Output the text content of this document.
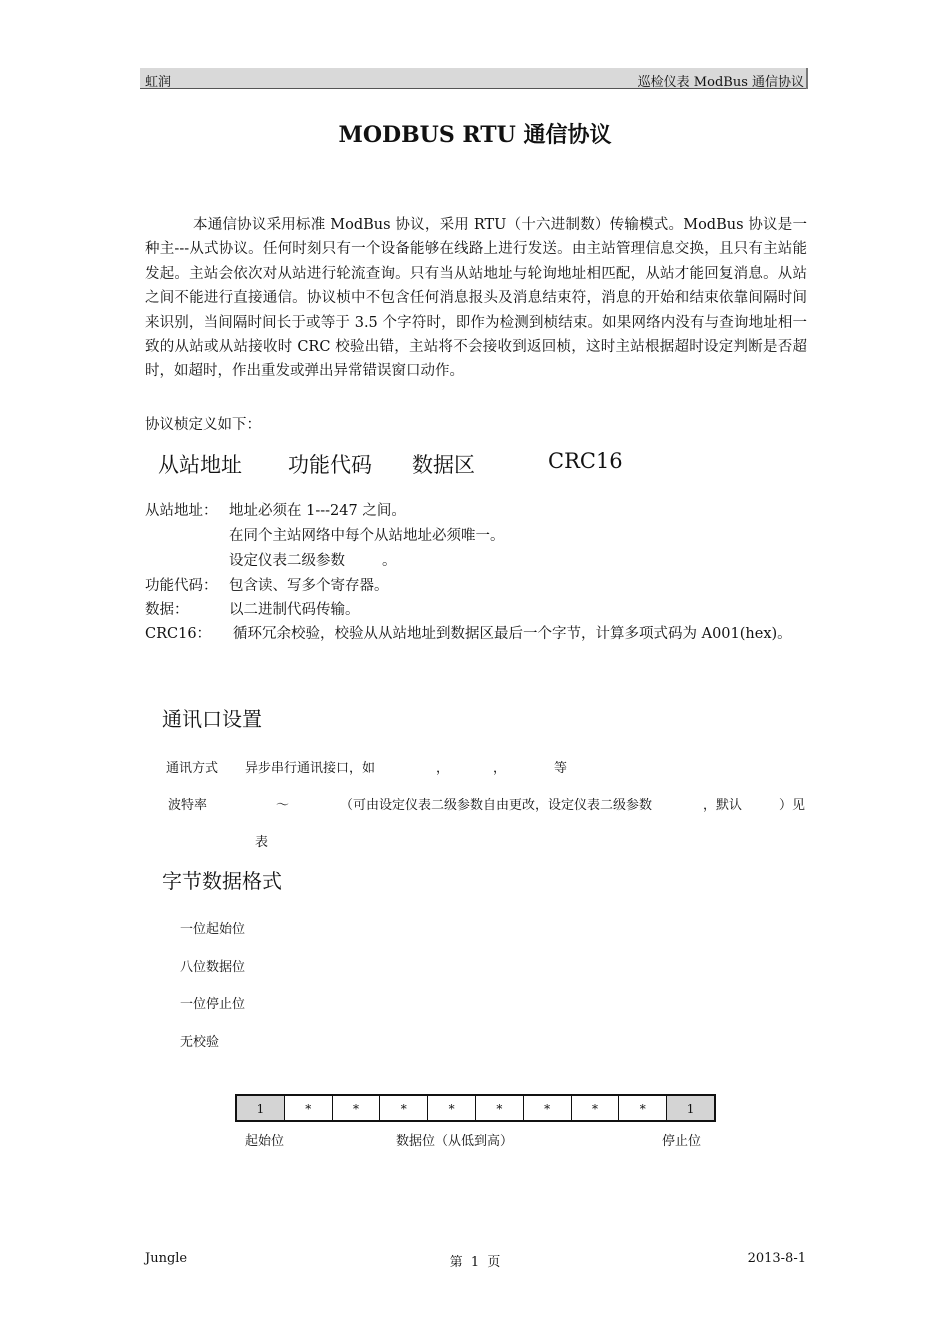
虹润	巡检仪表 ModBus 通信协议
MODBUS RTU 通信协议
本通信协议采用标准 ModBus 协议，采用 RTU（十六进制数）传输模式。ModBus 协议是一种主---从式协议。任何时刻只有一个设备能够在线路上进行发送。由主站管理信息交换，且只有主站能发起。主站会依次对从站进行轮流查询。只有当从站地址与轮询地址相匹配，从站才能回复消息。从站之间不能进行直接通信。协议桢中不包含任何消息报头及消息结束符，消息的开始和结束依靠间隔时间来识别，当间隔时间长于或等于 3.5 个字符时，即作为检测到桢结束。如果网络内没有与查询地址相一致的从站或从站接收时 CRC 校验出错，主站将不会接收到返回桢，这时主站根据超时设定判断是否超时，如超时，作出重发或弹出异常错误窗口动作。
协议桢定义如下：
从站地址 功能代码 数据区	CRC16
从站地址： 地址必须在 1---247 之间。
在同个主站网络中每个从站地址必须唯一。
设定仪表二级参数	。
功能代码： 包含读、写多个寄存器。
数据：	以二进制代码传输。
CRC16： 循环冗余校验，校验从从站地址到数据区最后一个字节，计算多项式码为 A001(hex)。
通讯口设置
通讯方式 异步串行通讯接口，如	，	，	等
波特率	～	（可由设定仪表二级参数自由更改，设定仪表二级参数	，默认	）见
表
字节数据格式
一位起始位
八位数据位
一位停止位
无校验
1	*	*	*	*	*	*	*	*	1
起始位	数据位（从低到高）	停止位
Jungle	第  1  页	2013-8-1
